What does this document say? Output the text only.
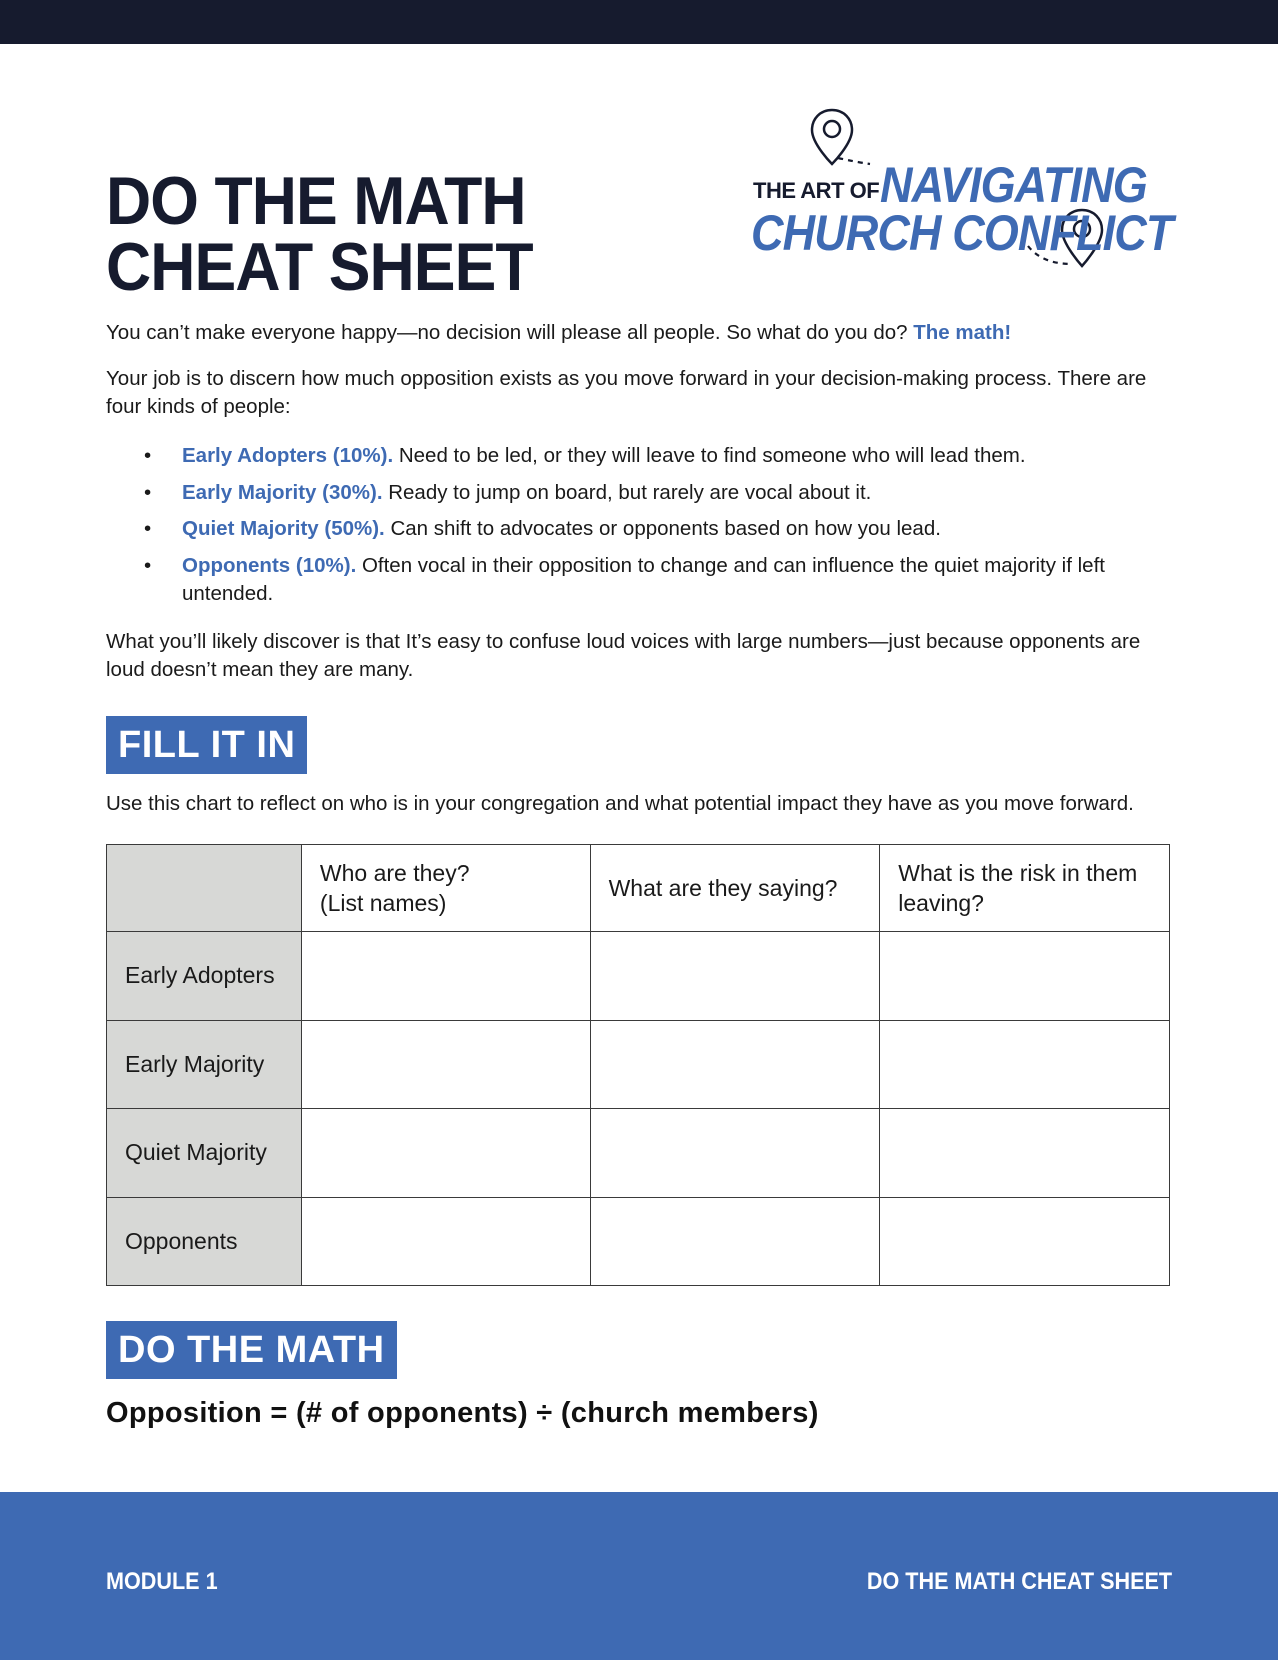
DO THE MATH
CHEAT SHEET
THE ART OF NAVIGATING
CHURCH CONFLICT

You can’t make everyone happy—no decision will please all people. So what do you do? The math!

Your job is to discern how much opposition exists as you move forward in your decision-making process. There are four kinds of people:

• Early Adopters (10%). Need to be led, or they will leave to find someone who will lead them.
• Early Majority (30%). Ready to jump on board, but rarely are vocal about it.
• Quiet Majority (50%). Can shift to advocates or opponents based on how you lead.
• Opponents (10%). Often vocal in their opposition to change and can influence the quiet majority if left untended.

What you’ll likely discover is that It’s easy to confuse loud voices with large numbers—just because opponents are loud doesn’t mean they are many.

FILL IT IN

Use this chart to reflect on who is in your congregation and what potential impact they have as you move forward.

	Who are they?
(List names)	What are they saying?	What is the risk in them leaving?
Early Adopters			
Early Majority			
Quiet Majority			
Opponents			
DO THE MATH
Opposition = (# of opponents) ÷ (church members)
MODULE 1	DO THE MATH CHEAT SHEET
